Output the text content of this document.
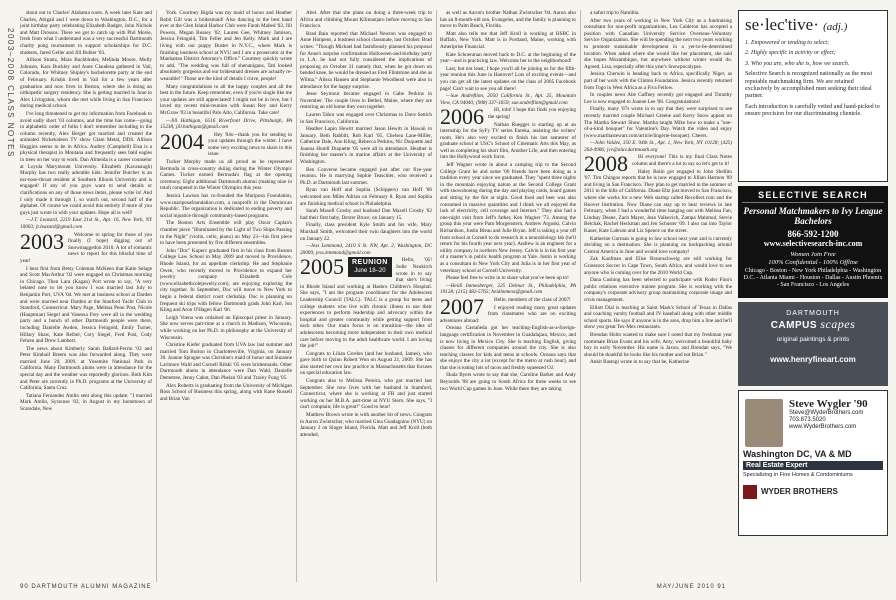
2003–2008 CLASS NOTES

shout out to Charles' Alabama roots. A week later Kate and Charles, Abigail and I were down to Washington, D.C., for a joint birthday party celebrating Elizabeth Badger, John Nichols and Matt Drossos. There we got to catch up with Phil Morse, fresh from what I understand was a very successful Dartmouth charity pong tournament to support scholarships for D.C. students, Jared Geller and Jill Bubier '03.

Allison Stuntz, Mara Buchbinder, Melinda Moore, Molly Johnson, Kara Buckley and Anne Claudesa gathered in Vail, Colorado, for Whitney Shipley's bachelorette party at the end of February. Kristin lived in Vail for a few years after graduation and now lives in Boston, where she is doing an orthopedic surgery residency. She is getting married in June to Alex Livingston, whom she met while living in San Francisco during medical school.

I've long threatened to get my information from Facebook to avoid sadly short '03 columns, and the time has come—going in alphabetic order of folks I don't remember including in the column recently, Alex Berger got married and created the animated Nickelodeon TV show Glam Metal, DDS. Allison Huggins seems to be in Africa. Audrey (Campbell) Eisa is a physical therapist in Montana and frequently sees bald eagles in trees on her way to work. Dan Almeida is a career counselor at Loyola Marymount University. Elizabeth (Kavanaugh) Murphy has two really adorable kids. Jennifer Butcher is an ear-nose-throat resident at Southern Illinois University and is engaged! If any of you guys want to send details or clarifications on any of those news items, please write in! And I only made it through J, so watch out, second half of the alphabet. Of course we could avoid this entirely if more of you guys just wrote in with your updates. Hope all is well!

—J.T. Leazard, 2219 East 21st St., Apt. 16, New York, NY 10003; jt.leazard@gmail.com

2003	Welcome to spring for those of you finally (I hope) digging out of Snowmaggedon 2010. A lot of romantic news to report for this blissful time of year!

I hear first from Betsy Coleman McKeen that Katie Selage and Scott MacArthur '02 were engaged on Christmas morning in Chicago. Then Lara (Kagan) Port wrote to say, "A very belated note to let you know I was married last July to Benjamin Port, UVA '04. We met at business school at Darden and were married near Darden at the Stanford Yacht Club in Stamford, Connecticut. Mary Page, Melissa Penn Post, Nicole (Hauptman) Siegel and Vanessa Frey were all in the wedding party and a bunch of other Dartmouth people were there, including Danielle Awden, Jessica Feingold, Emily Turner, Hillary Shaw, Kate Reibel, Cory Siegel, Fred Post, Cody Fehren and Drew Lambert.

The news about Kimberly Sarah Ballard-Perrin '03 and Peter Kimball Breem was also forwarded along. They were married June 20, 2009, at Yosemite National Park in California. Many Dartmouth alums were in attendance for the special day and the weather was reportedly glorious. Both Kim and Peter are currently in Ph.D. programs at the University of California, Santa Cruz.

Tatiana Fernandes Amlin sent along this update: "I married Mark Amlin, Syracuse '02, in August in my hometown of Scarsdale, New

York. Courtney Bigda was my maid of honor and Heather Bobit Gill was a bridesmaid! Also dancing to the best band ever at the Glen Island Harbor Club were Farah Mabed '02, Jill Powers, Megan Bussey '02, Lauren Gee, Whitney Jamison, Jessica Feingold, Tim Feller and Jen Kelly. Mark and I are living with our puppy Buster in N.Y.C., where Mark is finishing business school at NYU and I am a prosecutor at the Manhattan District Attorney's Office." Courtney quickly wrote to add, "The wedding was full of shenanigans, Tati looked absolutely gorgeous and our bridesmaid dresses are actually re-wearable!" Those are the kind of details I crave, people!

Many congratulations to all the happy couples and all the best in the future. Keep remember, even if you're single like me your updates are still appreciated! I might not be in love, but I loved my recent mini-reunion with Susan Rey and Kerry McGraw '03 in beautiful Palo Alto, California. Take care!

—Jill Hathigan, 6516 Riverfront Drive, Pittsburgh, PA 15238; jill.hathigan@gmail.com

2004	Hey '04s—thank you for sending in your updates through the winter. I have some very exciting news to share in this issue.

Tucker Murphy made us all proud as he represented Bermuda in cross-country skiing during the Winter Olympic Games. Tucker earned Bermuda's flag at the opening ceremony. Eight additional Dartmouth alumni (making nine in total) competed in the Winter Olympics this year.

Jessica Lawson has co-founded the Mariposa Foundation, www.mariposafoundation.com, a nonprofit in the Dominican Republic. The organization is dedicated to ending poverty and social injustice through community-based programs.

The Boston Arts Ensemble will play Oscar Caplan's chamber piece "Illuminated by the Light of Two Ships Passing in the Night" (violin, cello, piano) on May 23—his first piece to have been presented by five different ensembles.

John "Doc" Kuperc graduated first in his class from Boston College Law School in May 2009 and moved to Providence, Rhode Island, for an appellate clerkship. He and Stephanie Owen, who recently moved to Providence to expand her jewelry company Elizabeth Cole (www.elizabethcolejewelry.com), are enjoying exploring the city together. In September, Doc will move to New York to begin a federal district court clerkship. Doc is planning on frequent ski trips with fellow Dartmouth grads John Karl, Jon Kling and Aron O'Hagen Karl '06.

Leigh Voena was ordained an Episcopal priest in January. She now serves part-time at a church in Madison, Wisconsin, while working on her Ph.D. in philosophy at the University of Wisconsin.

Christine Kiefer graduated from UVA law last summer and married Tom Borton in Charlottesville, Virginia, on January 30. Joanne Sprague was Christine's maid of honor and Suzanne Larimore Waltl and Cornell Bilski '05 were bridesmaids. Other Dartmouth alums in attendance were Dan Wald, Danielle Demetree, Jenny Cabot, Dan Phelan '03 and Tracey Fung '05.

Alex Roberts is graduating from the University of Michigan Ross School of Business this spring, along with Kane Russell and Brian Van

Abel. After that she plans on doing a three-week trip to Africa and climbing Mount Kilimanjaro before moving to San Francisco.

Brad Bain reported that Michael Newton was engaged to Anne Himpens, a business school classmate, last October. Brad writes: "Though Michael had fastidiously planned his proposal for Anne's surprise confirmation Halloween-and-birthday party in L.A. he had not fully considered the implications of proposing on October 31 namely that, when he got down on bended knee, he would be dressed as Fred Flintstone and she as Wilma." Alissa Hansen and Stephanie Woodhead were also in attendance for the happy surprise.

Jesse Seymour became engaged to Gabe Perkins in November. The couple lives in Bethel, Maine, where they are restoring an old home they own together.

Lauren Tabor was engaged over Christmas to Dave Settich in San Francisco, California.

Heather Lapin Hewitt married Jason Hewitt in Hawaii in January. Beth Rabbitt, Rob Karl '05, Chelsea Lane-Miller, Catherine Dale, Ann Kling, Rebecca Perkins, Nic Duquette and Joanna Hurell Duquette '05 were all in attendance. Heather is finishing her master's in marine affairs at the University of Washington.

Ben Converse became engaged just after our five-year reunion. He is marrying Sophie Teaschler, who received a Ph.D. at Dartmouth last summer.

Ryan van Hoff and Sophia (Schippers) van Hoff '06 welcomed son Miles Adrian on February 8. Ryan and Sophia are finishing medical school in Philadelphia.

Sarah Maxell Crosby and husband Dan Maxell Crosby '02 had their first baby, Dexter Bruce, on January 15.

Finally, class president Kyle Smith and his wife, Mary Marshall Smith, welcomed their twin daughters into the world on January 22.

—Jess Lemmond, 2410 S St. NW, Apt. 2, Washington, DC 20009; jess.lemmond@gmail.com

2005 REUNION
June 18–20

Hello, '05! Jodie Neukirch wrote in to say that she's living in Rhode Island and working at Hasbro Children's Hospital. She says, "I am the program coordinator for the Adolescent Leadership Council (TALC). TALC is a group for teens and college students who live with chronic illness to use their experiences to perform leadership and advocacy within the hospital and greater community while getting support from each other. Our main focus is on transition—the idea of adolescents becoming more independent in their own medical care before moving to the adult healthcare world. I am loving the job!"

Congrats to Lilian Gordon (and her husband, James), who gave birth to Quinn Robert Won on August 21, 2009. She has also started her own law practice in Massachusetts that focuses on special education law.

Congrats also to Melissa Pereira, who got married last September. She now lives with her husband in Stamford, Connecticut, where she is working at FR and just started working on her M.B.A. part-time at NYU Stern. She says, "I can't complain; life is great!" Good to hear!

Matthew Brown wrote in with another bit of news. Congrats to Aaron Zwintscher, who married Gina Guadagnino (NYU) on January 2 on Singer Island, Florida. Matt and Jeff Kroll (both attended,

as well as Aaron's brother Nathan Zwintscher '04. Aaron also has an 8-month-old son, Evangelos, and the family is planning to move to Palm Beach, Florida.

Matt also tells me that Jeff Kroll is working at HSBC in Buffalo, New York. Matt is in Portland, Maine, working with Ameriprise Financial.

Kate Schoenman moved back to D.C. at the beginning of the year—and is practicing law. Welcome her to the neighborhood!

Last, but not least, I hope you'll all be joining us for the fifth-year reunion this June in Hanover! Lots of exciting events—and you can get all the latest updates on the class of 2005 Facebook page! Can't wait to see you all there!

—Sue Andreflinn, 2050 California St., Apt. 25, Mountain View, CA 94040; (908) 337-1659; sue.andreflinn@gmail.com

2006	Hi, tobi! I hope this finds you enjoying the spring!

Nathan Ruegger is starting up at an internship for the SyFy TV series Eureka, assisting the writers' room. He's also very excited to finish his last semester of graduate school at USC's School of Cinematic Arts this May, as well as completing his short film, Another Life, and then entering into the Hollywood work force.

Jeff Wagner wrote in about a camping trip to the Second College Grant he and some '06 friends have been doing as a tradition every year since we graduated. They "spent three nights in the mountain enjoying nature at the Second College Grant with snowshoeing during the day and playing cards, board games and sitting by the fire at night. Good food and beer was also consumed in massive quantities and I think we all enjoyed the lack of electricity, cell coverage and Internet." They also had a one-night visit from Jeff's father, Ken Wagner '73. Among the group this year were Pam Morgenstern, Andrew Argoski, Calvin Richardson, Justin Bleau and Julie Bryan. Jeff is taking a year off from school at Cornell to do research in a neurobiology lab (he'll return for his fourth year next year). Andrew is an engineer for a utility company in northern New Jersey. Calvin is in his first year of a master's in public health program at Yale. Justin is working as a consultant in New York City and Julia is in her first year of veterinary school at Cornell University.

Please feel free to write in to share what you've been up to!

—Heidi Immesberger, 225 Delmar St., Philadelphia, PA 19128; (215) 482-5765; heidimmess@gmail.com

2007	Hello, members of the class of 2007!

I enjoyed reading many great updates from classmates who are on exciting adventures abroad:

Oceana Castañeda got her teaching-English-as-a-foreign-language certification in November in Guadalajara, Mexico, and is now living in Mexico City. She is teaching English, giving classes for different companies around the city. She is also teaching classes for kids and teens at schools. Oceana says that she enjoys the city a lot (except for the metro at rush hour), and that she is eating lots of tacos and freshly squeezed OJ.

Shala Byers wrote to say that she, Caroline Barker and Andy Reynolds '08 are going to South Africa for three weeks to see two World Cup games in June. While there they are taking

a safari trip to Namibia.

After two years of working in New York City as a fundraising consultant for non-profit organizations, Lea Calderon has accepted a position with Canadian University Service Overseas–Voluntary Service Organization. She will be spending the next two years working to promote sustainable development in a yet-to-be-determined location. When asked where she would like her placement, she said she hopes Mozambique, but anywhere without winter would do. Agreed, Lisa, especially after this year's Snowpocalypse.

Jessica Cherwin is heading back to Africa, specifically Niger, as part of her work with the Clinton Foundation. Jessica recently returned from Togo in West Africa as a Fiva Fellow.

In couples news Abe Gaffney recently got engaged and Timothy Lee is now engaged to Joanne Lee '08. Congratulations!

Finally, many '07s wrote in to say that they were surprised to see recently married couple Michael Greene and Kerry Snow appear on The Martha Stewart Show. Martha taught Mike how to make a "one-of-a-kind bouquet" for Valentine's Day. Watch the video and enjoy (www.marthastewart.com/article/lingerie-bouquet). Cheers.

—John Valdez, 350 E. 94th St., Apt. 1, New York, NY 10128; (425) 264-4906; jvv@aluv.dartmouth.org

2008	Hi everyone! This is my final Class Notes column and there's a lot to say so let's get to it!

Haley Bolin got engaged to John Shellito '07. Tim Chingos reports that he is now engaged to Jillian Harmon '09 and living in San Francisco. They plan to get married in the summer of 2011 in the hills of California. Diane Eltz just moved to San Francisco, where she works for a new Web startup called Recollect.com and the Hoover Institution. Now Diane can stay up to hear reviews in late February, when I had a wonderful time hanging out with Melissa Fan, Lindsay Deane, Zach Mayer, Jean Valkevich, Zampa Mahmud, Stevie Belchak, Rachel Heckman and Jen Schuster '09. I also ran into Taylor Kauer, Kate Labrum and Liz Spence on the street.

Katherine Gorman is going to law school next year and is currently deciding on a destination. She is planning on backpacking around Central America in June and would love company!

Zak Kaufman and Elise Braunschweig are still working for Grassroot Soccer in Cape Town, South Africa, and would love to see anyone who is coming over for the 2010 World Cup.

Dana Cushing has been selected to participate with Ruder Finn's public relations executive trainee program. She is working with the company's corporate advisory group maintaining corporate image and crisis management.

Elliott Dial is teaching at Saint Mark's School of Texas in Dallas and coaching varsity football and JV baseball along with other middle school sports. He says if anyone is in the area, drop him a line and he'll show you great Tex-Mex restaurants.

Brendan Holm wanted to make sure I noted that my freshman year roommate Brian Evans and his wife, Amy, welcomed a beautiful baby boy in early November. His name is Jaxon, and Brendan says, "We should be thankful he looks like his mother and not Brian."

Ankit Rastogi wrote in to say that he, Katherine

se·lec'tive· (adj.)

1. Empowered or tending to select;

2. Highly specific in activity or effect;

3. Who you are, who she is, how we search.

Selective Search is recognized nationally as the most reputable matchmaking firm. We are retained exclusively by accomplished men seeking their ideal partner.

Each introduction is carefully vetted and hand-picked to ensure precision for our discriminating clientele.

SELECTIVE SEARCH
Personal Matchmakers to Ivy League Bachelors
866-592-1200
www.selectivesearch-inc.com
Women Join Free
100% Confidential - 100% Offline
Chicago - Boston - New York Philadelphia - Washington D.C. - Atlanta Miami - Houston - Dallas - Austin Phoenix - San Francisco - Los Angeles
DARTMOUTH
CAMPUS scapes
original paintings & prints
www.henryfineart.com
Steve Wygler '90
Steve@WyderBrothers.com
703.873.5020
www.WyderBrothers.com
Washington DC, VA & MD
Real Estate Expert
Specializing in Fine Homes & Condominiums
WYDER BROTHERS
90 DARTMOUTH ALUMNI MAGAZINE	MAY/JUNE 2010 91
